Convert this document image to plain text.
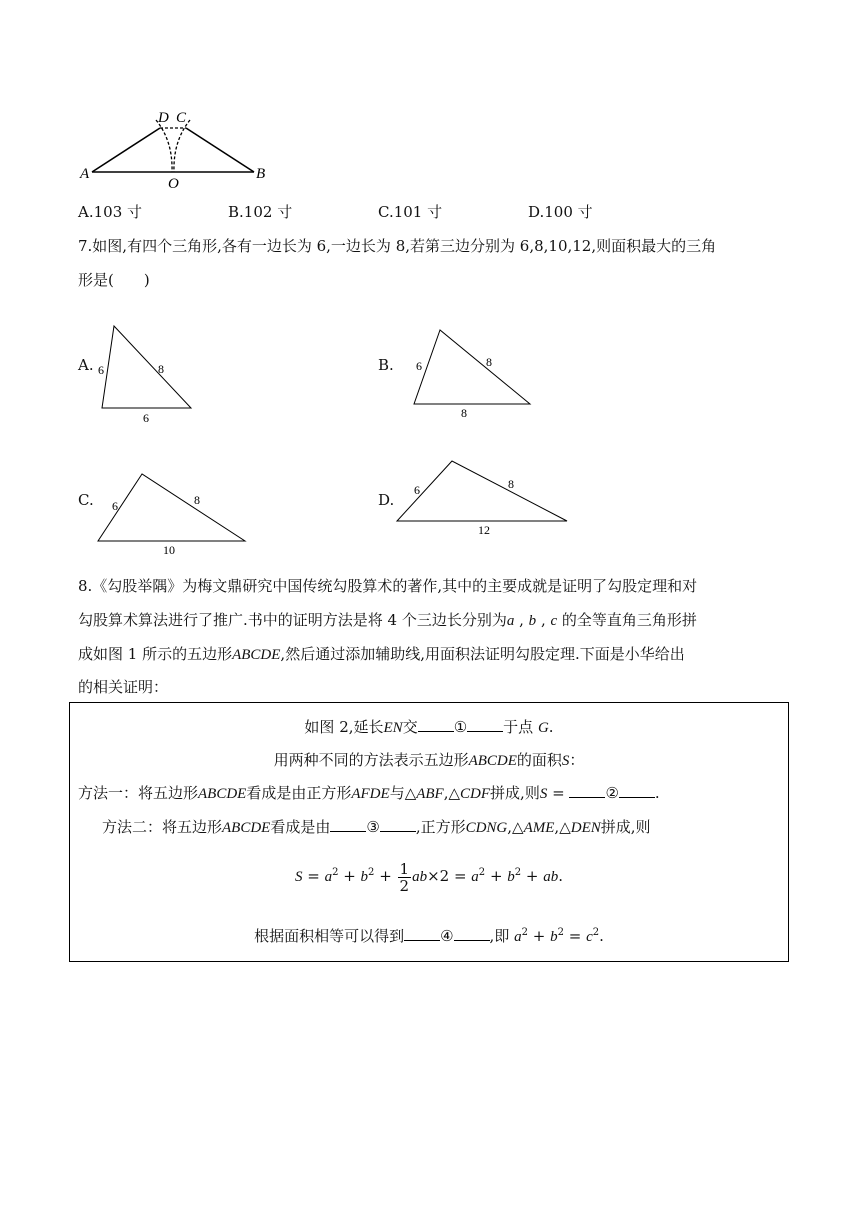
A	B
D C
O
A.103 寸	B.102 寸	C.101 寸	D.100 寸
7.如图,有四个三角形,各有一边长为 6,一边长为 8,若第三边分别为 6,8,10,12,则面积最大的三角
形是(　　)
A. 6	8
6
B. 6	8
8
C. 6	8
10
D.
6	8
12
8.《勾股举隅》为梅文鼎研究中国传统勾股算术的著作,其中的主要成就是证明了勾股定理和对
勾股算术算法进行了推广.书中的证明方法是将 4 个三边长分别为a , b , c 的全等直角三角形拼
成如图 1 所示的五边形ABCDE,然后通过添加辅助线,用面积法证明勾股定理.下面是小华给出
的相关证明：
如图 2,延长EN交 ① 于点 G.
用两种不同的方法表示五边形ABCDE的面积S：
方法一：将五边形ABCDE看成是由正方形AFDE与△ABF,△CDF拼成,则S = ② .
方法二：将五边形ABCDE看成是由 ③ ,正方形CDNG,△AME,△DEN拼成,则
$S = a^2 + b^2 + \frac{1}{2} ab\times 2 = a^2 + b^2$ + ab.
根据面积相等可以得到 ④ ,即 $a^2 + b^2 = c^2$.
